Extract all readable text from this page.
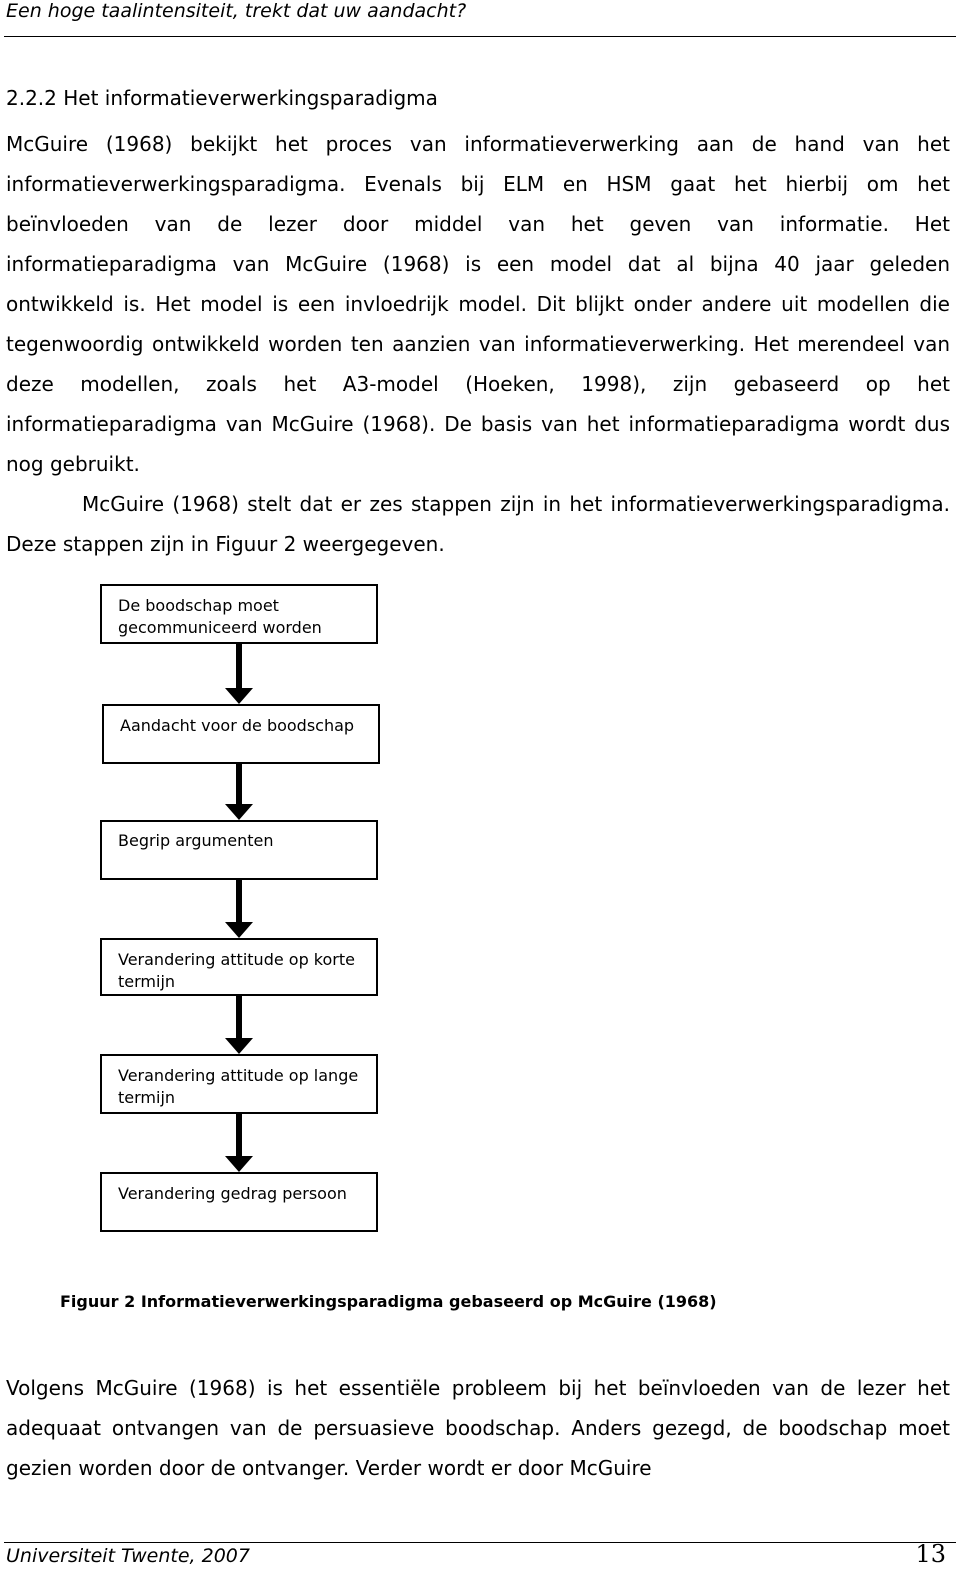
Een hoge taalintensiteit, trekt dat uw aandacht?
2.2.2 Het informatieverwerkingsparadigma

McGuire (1968) bekijkt het proces van informatieverwerking aan de hand van het informatieverwerkingsparadigma. Evenals bij ELM en HSM gaat het hierbij om het beïnvloeden van de lezer door middel van het geven van informatie. Het informatieparadigma van McGuire (1968) is een model dat al bijna 40 jaar geleden ontwikkeld is. Het model is een invloedrijk model. Dit blijkt onder andere uit modellen die tegenwoordig ontwikkeld worden ten aanzien van informatieverwerking. Het merendeel van deze modellen, zoals het A3-model (Hoeken, 1998), zijn gebaseerd op het informatieparadigma van McGuire (1968). De basis van het informatieparadigma wordt dus nog gebruikt.

McGuire (1968) stelt dat er zes stappen zijn in het informatieverwerkingsparadigma. Deze stappen zijn in Figuur 2 weergegeven.

De boodschap moet gecommuniceerd worden
Aandacht voor de boodschap
Begrip argumenten
Verandering attitude op korte termijn
Verandering attitude op lange termijn
Verandering gedrag persoon
Figuur 2 Informatieverwerkingsparadigma gebaseerd op McGuire (1968)

Volgens McGuire (1968) is het essentiële probleem bij het beïnvloeden van de lezer het adequaat ontvangen van de persuasieve boodschap. Anders gezegd, de boodschap moet gezien worden door de ontvanger. Verder wordt er door McGuire

Universiteit Twente, 2007	13
